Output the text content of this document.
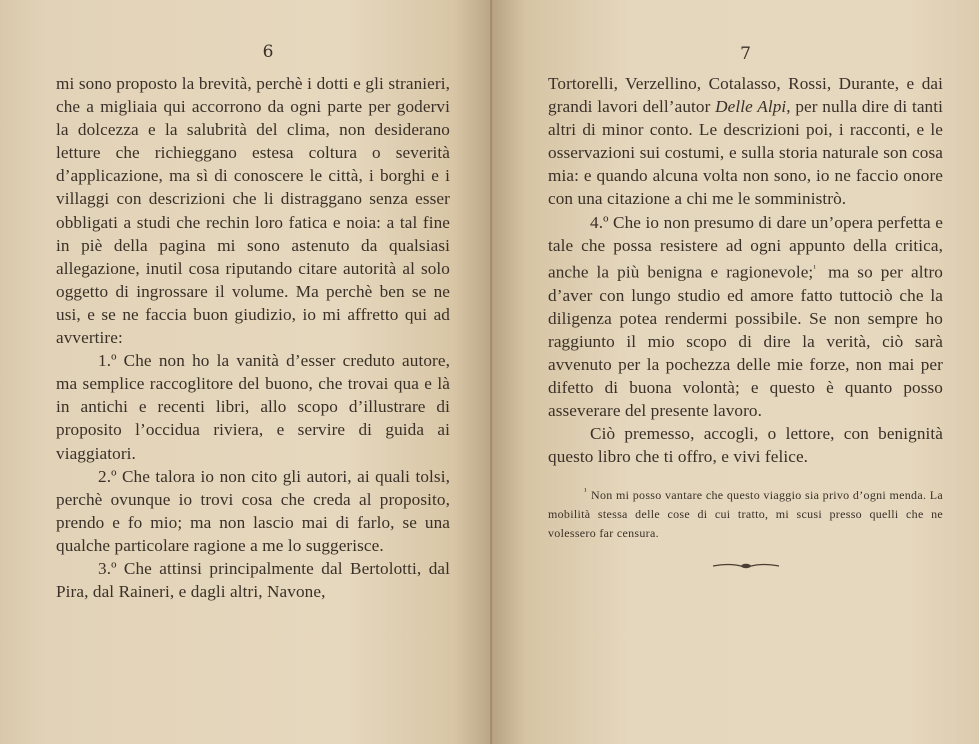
6

mi sono proposto la brevità, perchè i dotti e gli stranieri, che a migliaia qui accorrono da ogni parte per godervi la dolcezza e la salubrità del clima, non desiderano letture che richieggano estesa coltura o severità d’applicazione, ma sì di conoscere le città, i borghi e i villaggi con descrizioni che li distraggano senza esser obbligati a studi che rechin loro fatica e noia: a tal fine in piè della pagina mi sono astenuto da qualsiasi allegazione, inutil cosa riputando citare autorità al solo oggetto di ingrossare il volume. Ma perchè ben se ne usi, e se ne faccia buon giudizio, io mi affretto qui ad avvertire:

1.º Che non ho la vanità d’esser creduto autore, ma semplice raccoglitore del buono, che trovai qua e là in antichi e recenti libri, allo scopo d’illustrare di proposito l’occidua riviera, e servire di guida ai viaggiatori.

2.º Che talora io non cito gli autori, ai quali tolsi, perchè ovunque io trovi cosa che creda al proposito, prendo e fo mio; ma non lascio mai di farlo, se una qualche particolare ragione a me lo suggerisce.

3.º Che attinsi principalmente dal Bertolotti, dal Pira, dal Raineri, e dagli altri, Navone,

7

Tortorelli, Verzellino, Cotalasso, Rossi, Durante, e dai grandi lavori dell’autor Delle Alpi, per nulla dire di tanti altri di minor conto. Le descrizioni poi, i racconti, e le osservazioni sui costumi, e sulla storia naturale son cosa mia: e quando alcuna volta non sono, io ne faccio onore con una citazione a chi me le somministrò.

4.º Che io non presumo di dare un’opera perfetta e tale che possa resistere ad ogni appunto della critica, anche la più benigna e ragionevole;$^{^1}$ ma so per altro d’aver con lungo studio ed amore fatto tuttociò che la diligenza potea rendermi possibile. Se non sempre ho raggiunto il mio scopo di dire la verità, ciò sarà avvenuto per la pochezza delle mie forze, non mai per difetto di buona volontà; e questo è quanto posso asseverare del presente lavoro.

Ciò premesso, accogli, o lettore, con benignità questo libro che ti offro, e vivi felice.

$^{^1}$ Non mi posso vantare che questo viaggio sia privo d’ogni menda. La mobilità stessa delle cose di cui tratto, mi scusi presso quelli che ne volessero far censura.
